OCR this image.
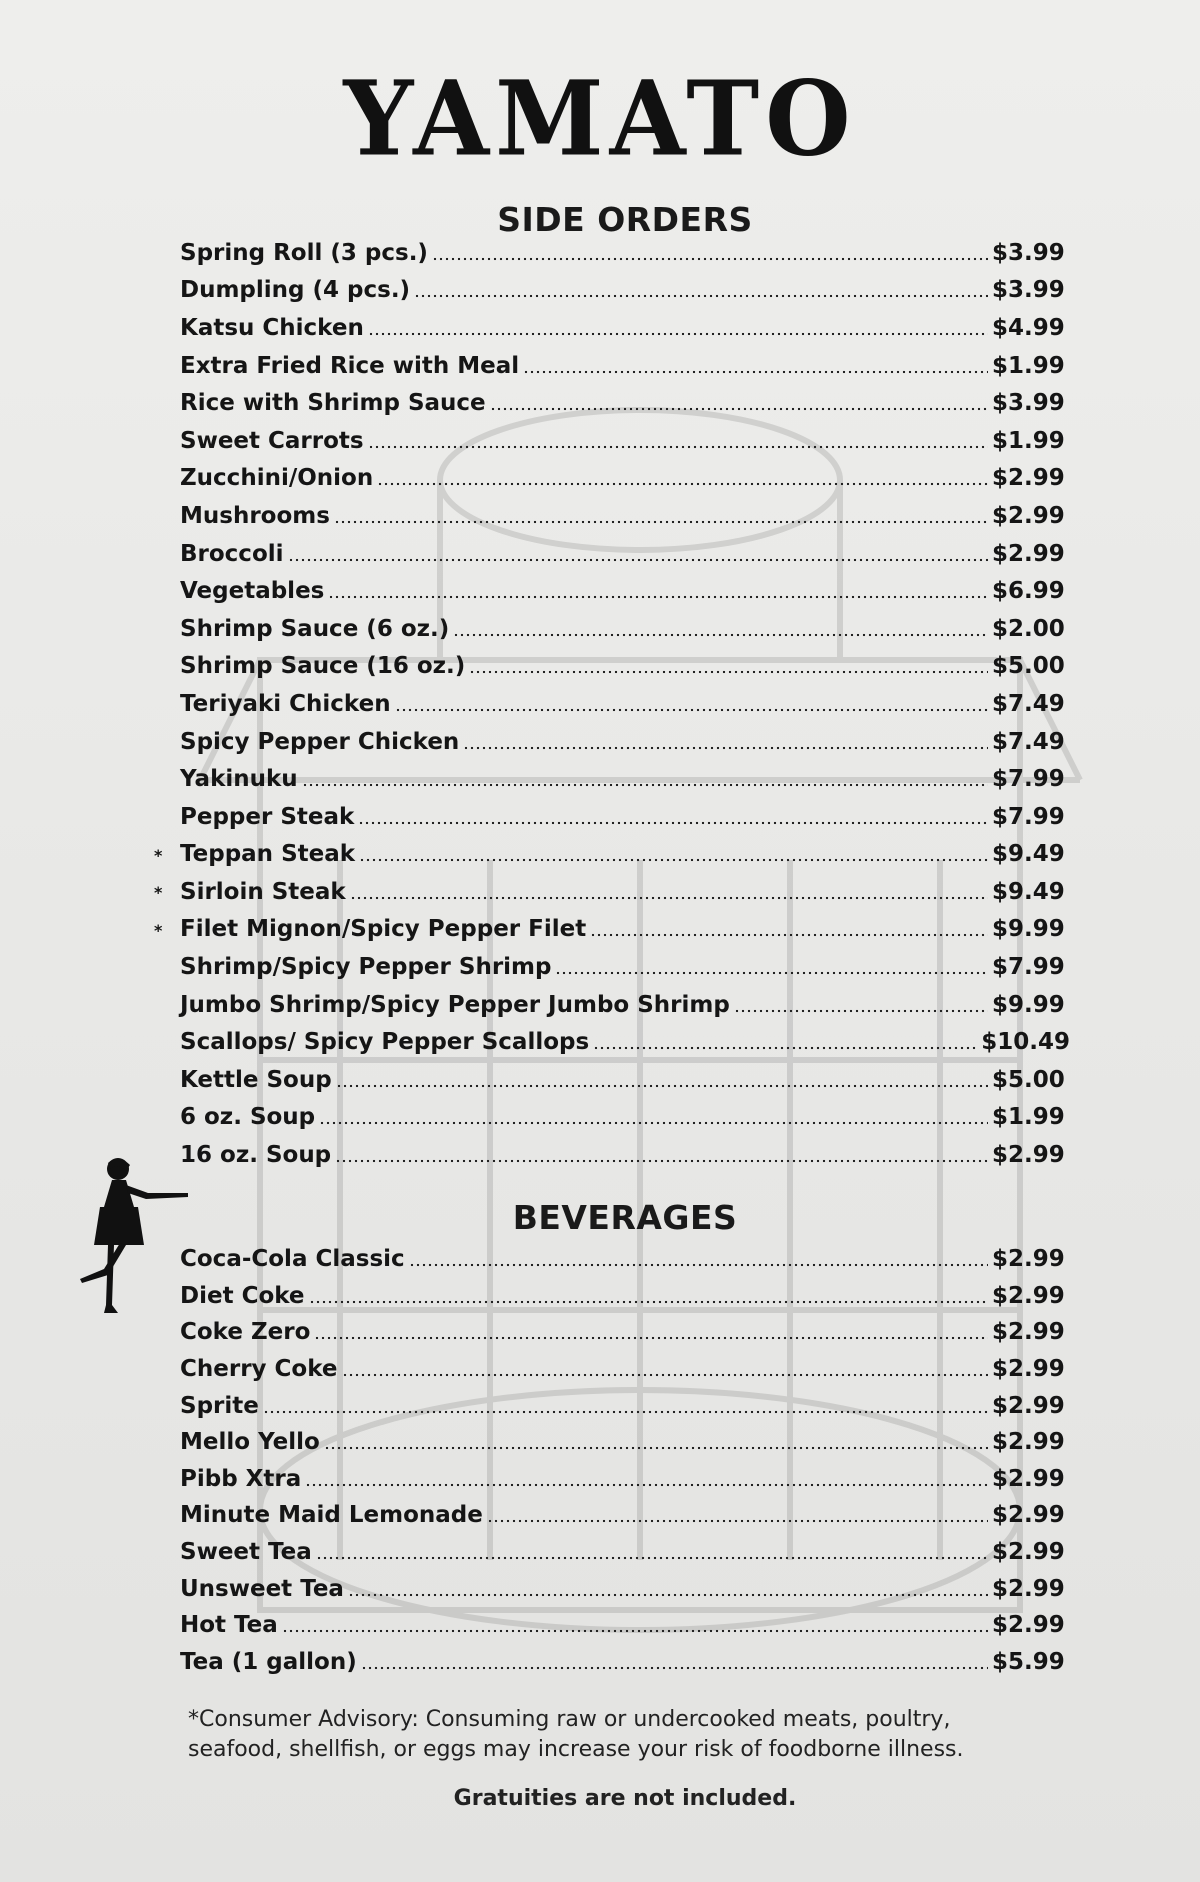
YAMATO
SIDE ORDERS
Spring Roll (3 pcs.)	$3.99
Dumpling (4 pcs.)	$3.99
Katsu Chicken	$4.99
Extra Fried Rice with Meal	$1.99
Rice with Shrimp Sauce	$3.99
Sweet Carrots	$1.99
Zucchini/Onion	$2.99
Mushrooms	$2.99
Broccoli	$2.99
Vegetables	$6.99
Shrimp Sauce (6 oz.)	$2.00
Shrimp Sauce (16 oz.)	$5.00
Teriyaki Chicken	$7.49
Spicy Pepper Chicken	$7.49
Yakinuku	$7.99
Pepper Steak	$7.99
* Teppan Steak	$9.49
* Sirloin Steak	$9.49
* Filet Mignon/Spicy Pepper Filet	$9.99
Shrimp/Spicy Pepper Shrimp	$7.99
Jumbo Shrimp/Spicy Pepper Jumbo Shrimp	$9.99
Scallops/ Spicy Pepper Scallops	$10.49
Kettle Soup	$5.00
6 oz. Soup	$1.99
16 oz. Soup	$2.99
BEVERAGES
Coca-Cola Classic	$2.99
Diet Coke	$2.99
Coke Zero	$2.99
Cherry Coke	$2.99
Sprite	$2.99
Mello Yello	$2.99
Pibb Xtra	$2.99
Minute Maid Lemonade	$2.99
Sweet Tea	$2.99
Unsweet Tea	$2.99
Hot Tea	$2.99
Tea (1 gallon)	$5.99
*Consumer Advisory: Consuming raw or undercooked meats, poultry, seafood, shellfish, or eggs may increase your risk of foodborne illness.
Gratuities are not included.
